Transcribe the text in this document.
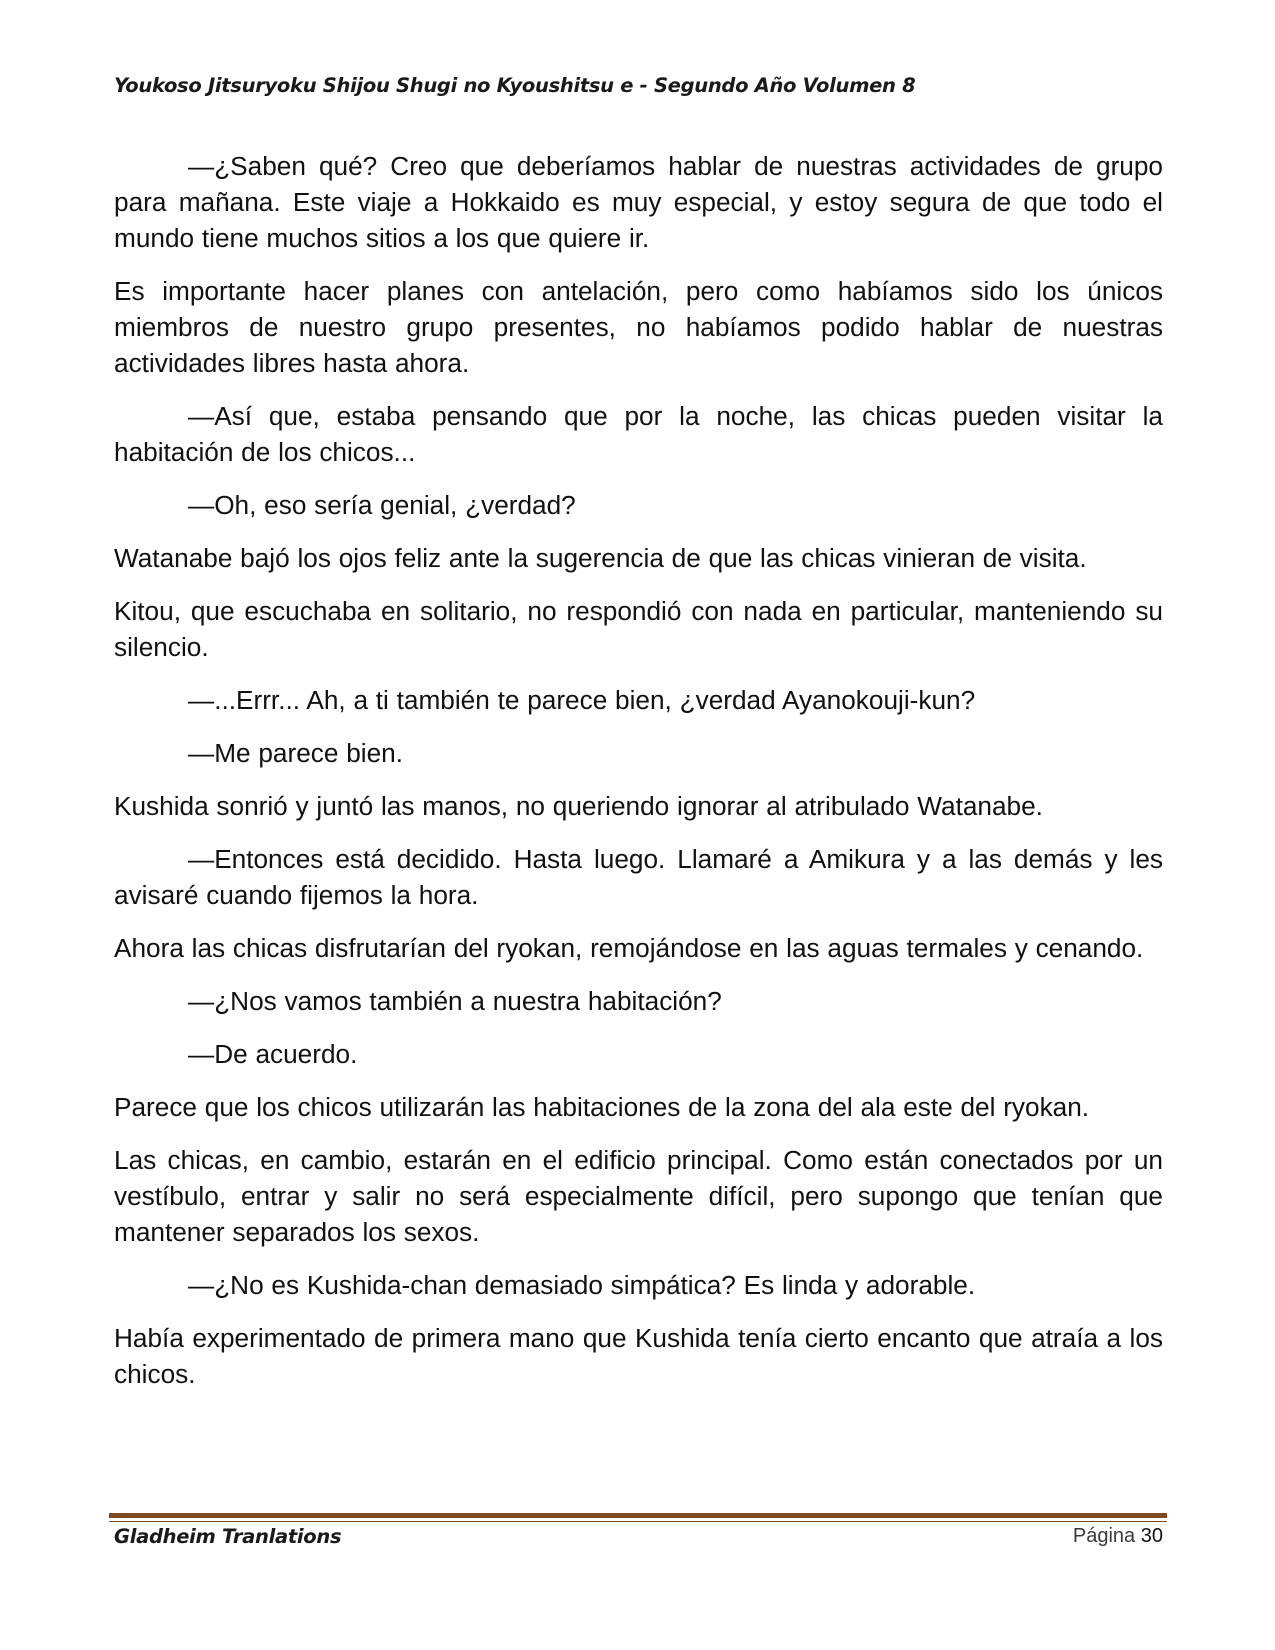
Youkoso Jitsuryoku Shijou Shugi no Kyoushitsu e - Segundo Año Volumen 8

—¿Saben qué? Creo que deberíamos hablar de nuestras actividades de grupo para mañana. Este viaje a Hokkaido es muy especial, y estoy segura de que todo el mundo tiene muchos sitios a los que quiere ir.

Es importante hacer planes con antelación, pero como habíamos sido los únicos miembros de nuestro grupo presentes, no habíamos podido hablar de nuestras actividades libres hasta ahora.

—Así que, estaba pensando que por la noche, las chicas pueden visitar la habitación de los chicos...

—Oh, eso sería genial, ¿verdad?

Watanabe bajó los ojos feliz ante la sugerencia de que las chicas vinieran de visita.

Kitou, que escuchaba en solitario, no respondió con nada en particular, manteniendo su silencio.

—...Errr... Ah, a ti también te parece bien, ¿verdad Ayanokouji-kun?

—Me parece bien.

Kushida sonrió y juntó las manos, no queriendo ignorar al atribulado Watanabe.

—Entonces está decidido. Hasta luego. Llamaré a Amikura y a las demás y les avisaré cuando fijemos la hora.

Ahora las chicas disfrutarían del ryokan, remojándose en las aguas termales y cenando.

—¿Nos vamos también a nuestra habitación?

—De acuerdo.

Parece que los chicos utilizarán las habitaciones de la zona del ala este del ryokan.

Las chicas, en cambio, estarán en el edificio principal. Como están conectados por un vestíbulo, entrar y salir no será especialmente difícil, pero supongo que tenían que mantener separados los sexos.

—¿No es Kushida-chan demasiado simpática? Es linda y adorable.

Había experimentado de primera mano que Kushida tenía cierto encanto que atraía a los chicos.

Gladheim Tranlations	Página 30
